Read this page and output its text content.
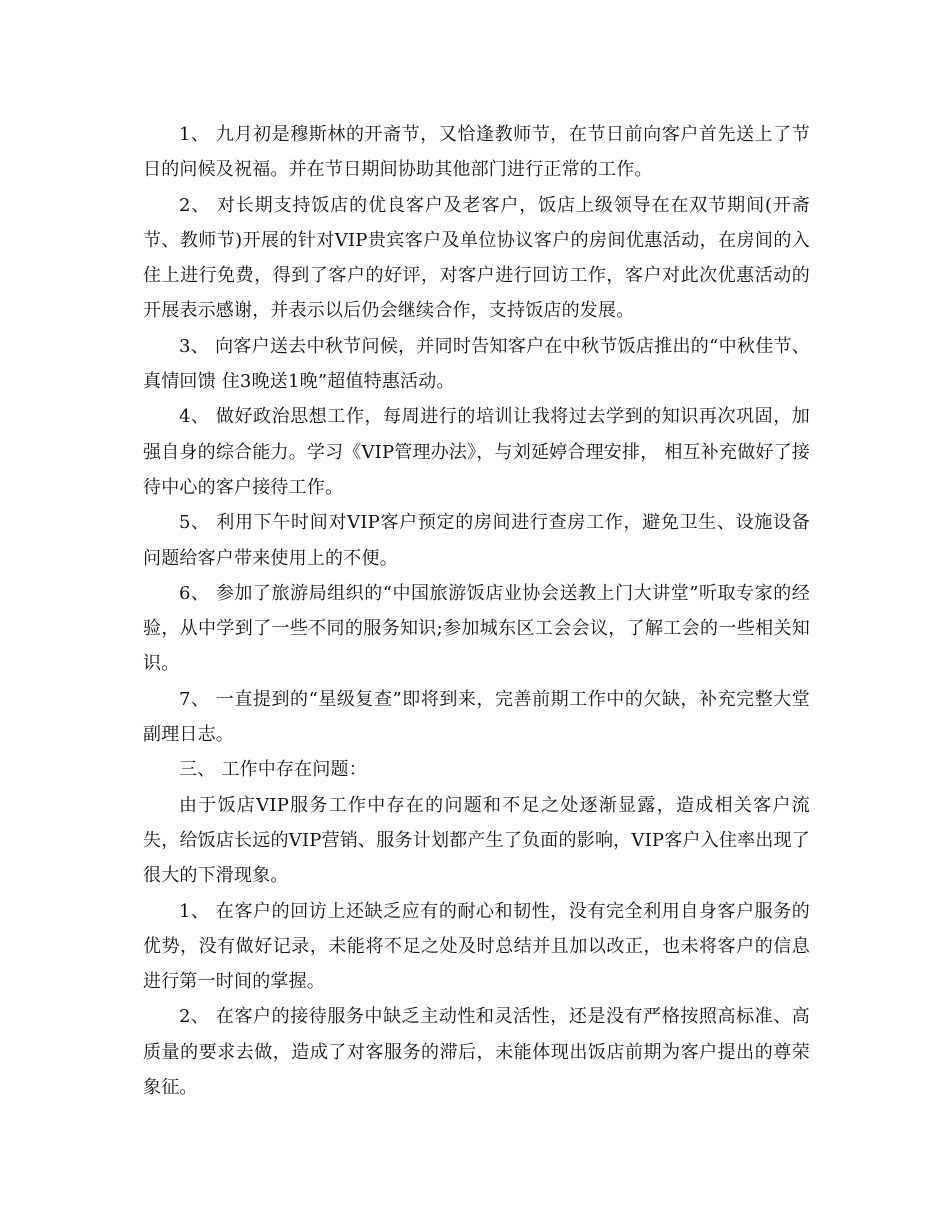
1、 九月初是穆斯林的开斋节，又恰逢教师节，在节日前向客户首先送上了节日的问候及祝福。并在节日期间协助其他部门进行正常的工作。

2、 对长期支持饭店的优良客户及老客户，饭店上级领导在在双节期间(开斋节、教师节)开展的针对VIP贵宾客户及单位协议客户的房间优惠活动，在房间的入住上进行免费，得到了客户的好评，对客户进行回访工作，客户对此次优惠活动的开展表示感谢，并表示以后仍会继续合作，支持饭店的发展。

3、 向客户送去中秋节问候，并同时告知客户在中秋节饭店推出的“中秋佳节、真情回馈 住3晚送1晚”超值特惠活动。

4、 做好政治思想工作，每周进行的培训让我将过去学到的知识再次巩固，加强自身的综合能力。学习《VIP管理办法》，与刘延婷合理安排， 相互补充做好了接待中心的客户接待工作。

5、 利用下午时间对VIP客户预定的房间进行查房工作，避免卫生、设施设备问题给客户带来使用上的不便。

6、 参加了旅游局组织的“中国旅游饭店业协会送教上门大讲堂”听取专家的经验，从中学到了一些不同的服务知识;参加城东区工会会议，了解工会的一些相关知识。

7、 一直提到的“星级复查”即将到来，完善前期工作中的欠缺，补充完整大堂副理日志。

三、 工作中存在问题：

由于饭店VIP服务工作中存在的问题和不足之处逐渐显露，造成相关客户流失，给饭店长远的VIP营销、服务计划都产生了负面的影响，VIP客户入住率出现了很大的下滑现象。

1、 在客户的回访上还缺乏应有的耐心和韧性，没有完全利用自身客户服务的优势，没有做好记录，未能将不足之处及时总结并且加以改正，也未将客户的信息进行第一时间的掌握。

2、 在客户的接待服务中缺乏主动性和灵活性，还是没有严格按照高标准、高质量的要求去做，造成了对客服务的滞后，未能体现出饭店前期为客户提出的尊荣象征。
